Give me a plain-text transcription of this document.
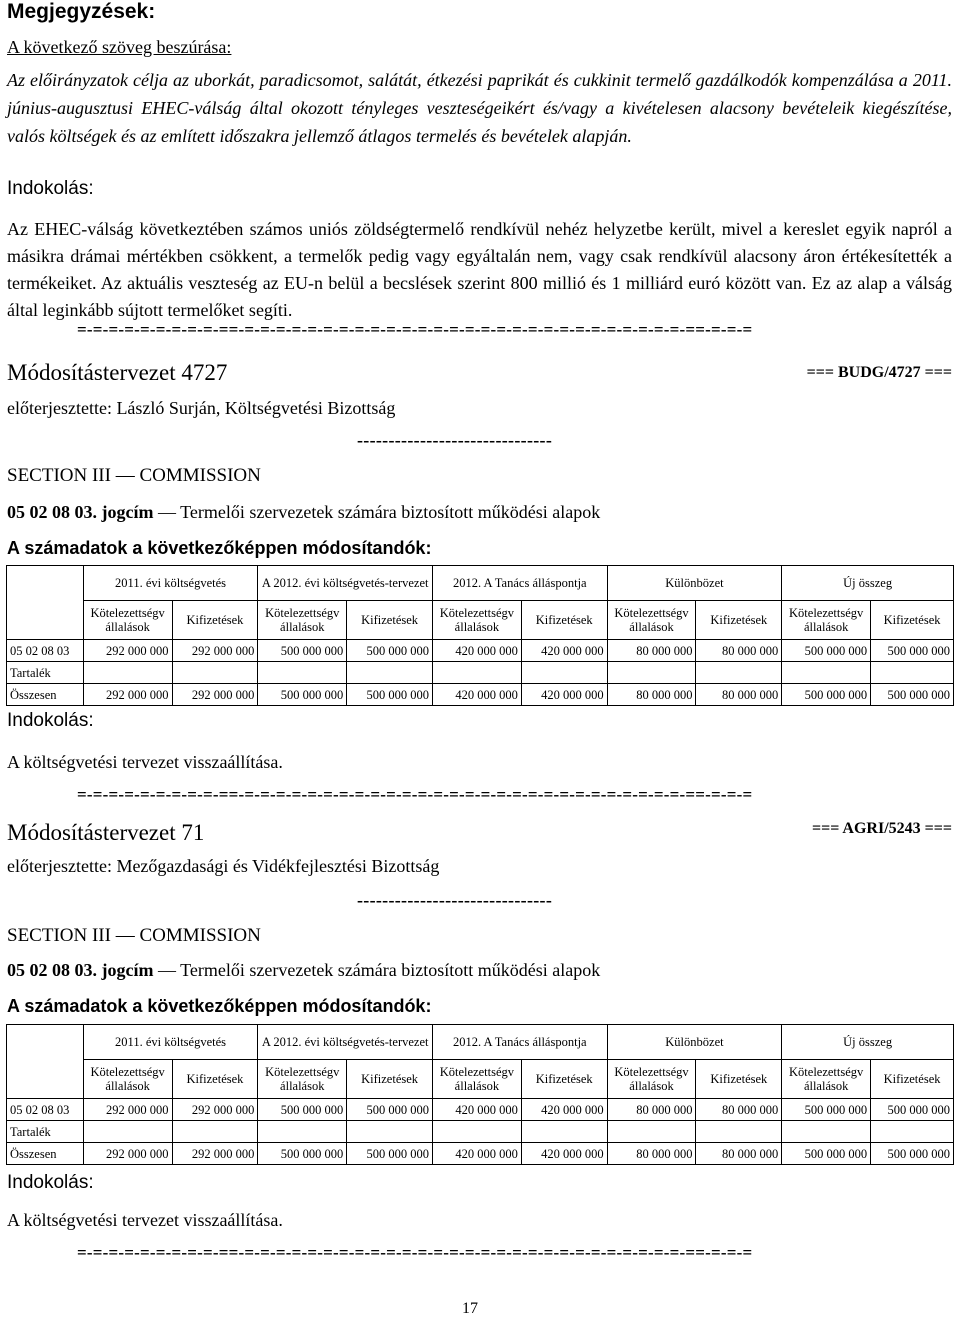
Megjegyzések:
A következő szöveg beszúrása:
Az előirányzatok célja az uborkát, paradicsomot, salátát, étkezési paprikát és cukkinit termelő gazdálkodók kompenzálása a 2011. június-augusztusi EHEC-válság által okozott tényleges veszteségeikért és/vagy a kivételesen alacsony bevételeik kiegészítése, valós költségek és az említett időszakra jellemző átlagos termelés és bevételek alapján.
Indokolás:
Az EHEC-válság következtében számos uniós zöldségtermelő rendkívül nehéz helyzetbe került, mivel a kereslet egyik napról a másikra drámai mértékben csökkent, a termelők pedig vagy egyáltalán nem, vagy csak rendkívül alacsony áron értékesítették a termékeiket. Az aktuális veszteség az EU-n belül a becslések szerint 800 millió és 1 milliárd euró között van. Ez az alap a válság által leginkább sújtott termelőket segíti.
=-=-=-=-=-=-=-=-=-==-=-=-=-=-=-=-=-=-=-=-=-=-=-=-=-=-=-=-=-=-=-=-=-=-=-=-=-=-==-=-=-=
Módosítástervezet 4727	=== BUDG/4727 ===
előterjesztette: László Surján, Költségvetési Bizottság
-------------------------------
SECTION III — COMMISSION
05 02 08 03. jogcím — Termelői szervezetek számára biztosított működési alapok
A számadatok a következőképpen módosítandók:
	2011. évi költségvetés		A 2012. évi költségvetés-tervezet		2012. A Tanács álláspontja		Különbözet		Új összeg	
	Kötelezettségv állalások	Kifizetések	Kötelezettségv állalások	Kifizetések	Kötelezettségv állalások	Kifizetések	Kötelezettségv állalások	Kifizetések	Kötelezettségv állalások	Kifizetések
05 02 08 03	292 000 000	292 000 000	500 000 000	500 000 000	420 000 000	420 000 000	80 000 000	80 000 000	500 000 000	500 000 000
Tartalék										
Összesen	292 000 000	292 000 000	500 000 000	500 000 000	420 000 000	420 000 000	80 000 000	80 000 000	500 000 000	500 000 000
Indokolás:
A költségvetési tervezet visszaállítása.
=-=-=-=-=-=-=-=-=-==-=-=-=-=-=-=-=-=-=-=-=-=-=-=-=-=-=-=-=-=-=-=-=-=-=-=-=-=-==-=-=-=
Módosítástervezet 71	=== AGRI/5243 ===
előterjesztette: Mezőgazdasági és Vidékfejlesztési Bizottság
-------------------------------
SECTION III — COMMISSION
05 02 08 03. jogcím — Termelői szervezetek számára biztosított működési alapok
A számadatok a következőképpen módosítandók:
	2011. évi költségvetés		A 2012. évi költségvetés-tervezet		2012. A Tanács álláspontja		Különbözet		Új összeg	
	Kötelezettségv állalások	Kifizetések	Kötelezettségv állalások	Kifizetések	Kötelezettségv állalások	Kifizetések	Kötelezettségv állalások	Kifizetések	Kötelezettségv állalások	Kifizetések
05 02 08 03	292 000 000	292 000 000	500 000 000	500 000 000	420 000 000	420 000 000	80 000 000	80 000 000	500 000 000	500 000 000
Tartalék										
Összesen	292 000 000	292 000 000	500 000 000	500 000 000	420 000 000	420 000 000	80 000 000	80 000 000	500 000 000	500 000 000
Indokolás:
A költségvetési tervezet visszaállítása.
=-=-=-=-=-=-=-=-=-==-=-=-=-=-=-=-=-=-=-=-=-=-=-=-=-=-=-=-=-=-=-=-=-=-=-=-=-=-==-=-=-=
17
